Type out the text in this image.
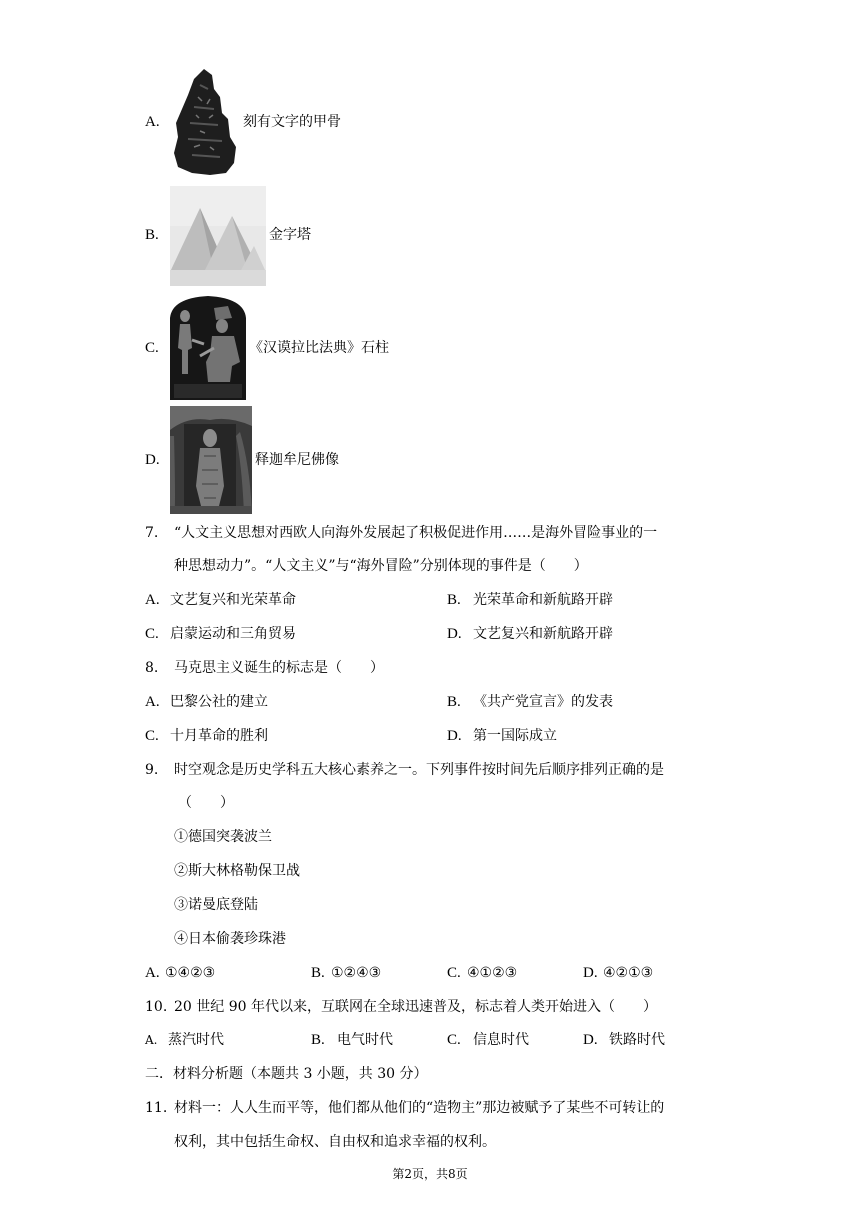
A.	刻有文字的甲骨
B.	金字塔
C.	《汉谟拉比法典》石柱
D.	释迦牟尼佛像
7. “人文主义思想对西欧人向海外发展起了积极促进作用……是海外冒险事业的一
种思想动力”。“人文主义”与“海外冒险”分别体现的事件是（　　）
A. 文艺复兴和光荣革命	B. 光荣革命和新航路开辟
C. 启蒙运动和三角贸易	D. 文艺复兴和新航路开辟
8. 马克思主义诞生的标志是（　　）
A. 巴黎公社的建立	B. 《共产党宣言》的发表
C. 十月革命的胜利	D. 第一国际成立
9. 时空观念是历史学科五大核心素养之一。下列事件按时间先后顺序排列正确的是
（　　）
①德国突袭波兰
②斯大林格勒保卫战
③诺曼底登陆
④日本偷袭珍珠港
A. ①④②③	B. ①②④③	C. ④①②③	D. ④②①③
10. 20 世纪 90 年代以来，互联网在全球迅速普及，标志着人类开始进入（　　）
A. 蒸汽时代	B. 电气时代	C. 信息时代	D. 铁路时代
二．材料分析题（本题共 3 小题，共 30 分）
11. 材料一：人人生而平等，他们都从他们的“造物主”那边被赋予了某些不可转让的
权利，其中包括生命权、自由权和追求幸福的权利。
第2页，共8页
